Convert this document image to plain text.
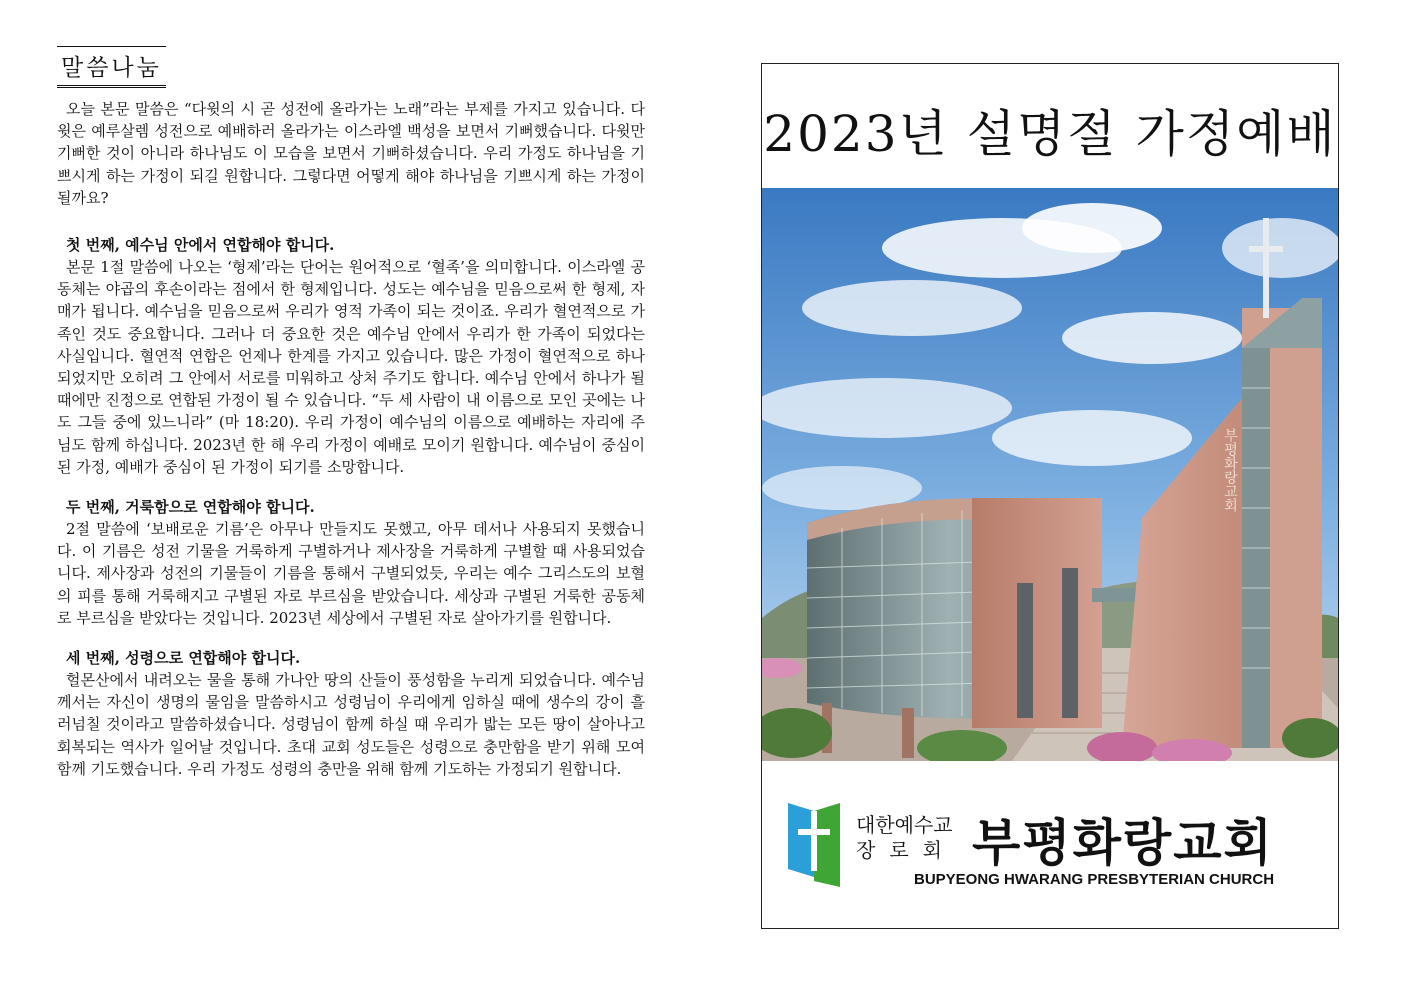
말씀나눔

오늘 본문 말씀은 “다윗의 시 곧 성전에 올라가는 노래”라는 부제를 가지고 있습니다. 다윗은 예루살렘 성전으로 예배하러 올라가는 이스라엘 백성을 보면서 기뻐했습니다. 다윗만 기뻐한 것이 아니라 하나님도 이 모습을 보면서 기뻐하셨습니다. 우리 가정도 하나님을 기쁘시게 하는 가정이 되길 원합니다. 그렇다면 어떻게 해야 하나님을 기쁘시게 하는 가정이 될까요?

첫 번째, 예수님 안에서 연합해야 합니다.

본문 1절 말씀에 나오는 ‘형제’라는 단어는 원어적으로 ‘혈족’을 의미합니다. 이스라엘 공동체는 야곱의 후손이라는 점에서 한 형제입니다. 성도는 예수님을 믿음으로써 한 형제, 자매가 됩니다. 예수님을 믿음으로써 우리가 영적 가족이 되는 것이죠. 우리가 혈연적으로 가족인 것도 중요합니다. 그러나 더 중요한 것은 예수님 안에서 우리가 한 가족이 되었다는 사실입니다. 혈연적 연합은 언제나 한계를 가지고 있습니다. 많은 가정이 혈연적으로 하나 되었지만 오히려 그 안에서 서로를 미워하고 상처 주기도 합니다. 예수님 안에서 하나가 될 때에만 진정으로 연합된 가정이 될 수 있습니다. “두 세 사람이 내 이름으로 모인 곳에는 나도 그들 중에 있느니라” (마 18:20). 우리 가정이 예수님의 이름으로 예배하는 자리에 주님도 함께 하십니다. 2023년 한 해 우리 가정이 예배로 모이기 원합니다. 예수님이 중심이 된 가정, 예배가 중심이 된 가정이 되기를 소망합니다.

두 번째, 거룩함으로 연합해야 합니다.

2절 말씀에 ‘보배로운 기름’은 아무나 만들지도 못했고, 아무 데서나 사용되지 못했습니다. 이 기름은 성전 기물을 거룩하게 구별하거나 제사장을 거룩하게 구별할 때 사용되었습니다. 제사장과 성전의 기물들이 기름을 통해서 구별되었듯, 우리는 예수 그리스도의 보혈의 피를 통해 거룩해지고 구별된 자로 부르심을 받았습니다. 세상과 구별된 거룩한 공동체로 부르심을 받았다는 것입니다. 2023년 세상에서 구별된 자로 살아가기를 원합니다.

세 번째, 성령으로 연합해야 합니다.

헐몬산에서 내려오는 물을 통해 가나안 땅의 산들이 풍성함을 누리게 되었습니다. 예수님께서는 자신이 생명의 물임을 말씀하시고 성령님이 우리에게 임하실 때에 생수의 강이 흘러넘칠 것이라고 말씀하셨습니다. 성령님이 함께 하실 때 우리가 밟는 모든 땅이 살아나고 회복되는 역사가 일어날 것입니다. 초대 교회 성도들은 성령으로 충만함을 받기 위해 모여 함께 기도했습니다. 우리 가정도 성령의 충만을 위해 함께 기도하는 가정되기 원합니다.

2023년 설명절 가정예배
부평화랑교회
대한예수교
장로회 부평화랑교회
BUPYEONG HWARANG PRESBYTERIAN CHURCH
